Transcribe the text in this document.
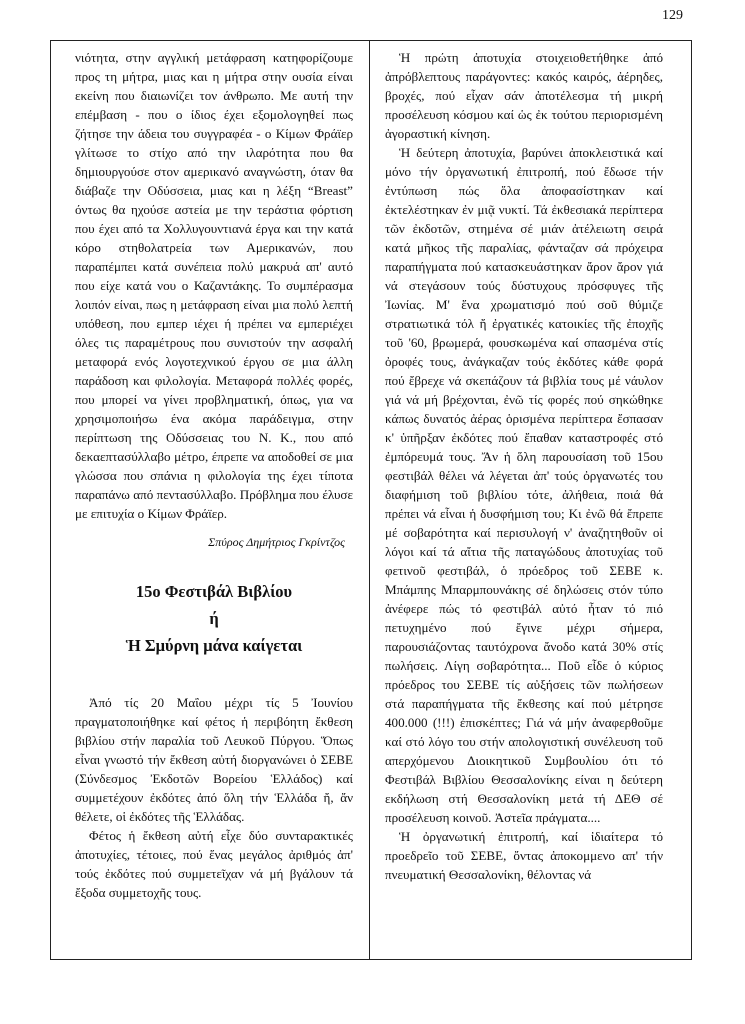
129

νιότητα, στην αγγλική μετάφραση κατηφορίζουμε προς τη μήτρα, μιας και η μήτρα στην ουσία είναι εκείνη που διαιωνίζει τον άνθρωπο. Με αυτή την επέμβαση - που ο ίδιος έχει εξομολογηθεί πως ζήτησε την άδεια του συγγραφέα - ο Κίμων Φράϊερ γλίτωσε το στίχο από την ιλαρότητα που θα δημιουργούσε στον αμερικανό αναγνώστη, όταν θα διάβαζε την Οδύσσεια, μιας και η λέξη “Breast” όντως θα ηχούσε αστεία με την τεράστια φόρτιση που έχει από τα Χολλυγουντιανά έργα και την κατά κόρο στηθολατρεία των Αμερικανών, που παραπέμπει κατά συνέπεια πολύ μακρυά απ' αυτό που είχε κατά νου ο Καζαντάκης. Το συμπέρασμα λοιπόν είναι, πως η μετάφραση είναι μια πολύ λεπτή υπόθεση, που εμπερ ιέχει ή πρέπει να εμπεριέχει όλες τις παραμέτρους που συνιστούν την ασφαλή μεταφορά ενός λογοτεχνικού έργου σε μια άλλη παράδοση και φιλολογία. Μεταφορά πολλές φορές, που μπορεί να γίνει προβληματική, όπως, για να χρησιμοποιήσω ένα ακόμα παράδειγμα, στην περίπτωση της Οδύσσειας του Ν. Κ., που από δεκαεπτασύλλαβο μέτρο, έπρεπε να αποδοθεί σε μια γλώσσα που σπάνια η φιλολογία της έχει τίποτα παραπάνω από πεντασύλλαβο. Πρόβλημα που έλυσε με επιτυχία ο Κίμων Φράϊερ.

Σπύρος Δημήτριος Γκρίντζος

15ο Φεστιβάλ Βιβλίου
ή
Ἡ Σμύρνη μάνα καίγεται

Ἀπό τίς 20 Μαΐου μέχρι τίς 5 Ἰουνίου πραγματοποιήθηκε καί φέτος ἡ περιβόητη ἔκθεση βιβλίου στήν παραλία τοῦ Λευκοῦ Πύργου. Ὅπως εἶναι γνωστό τήν ἔκθεση αὐτή διοργανώνει ὁ ΣΕΒΕ (Σύνδεσμος Ἐκδοτῶν Βορείου Ἑλλάδος) καί συμμετέχουν ἐκδότες ἀπό ὅλη τήν Ἑλλάδα ἤ, ἄν θέλετε, οἱ ἐκδότες τῆς Ἑλλάδας.

Φέτος ἡ ἔκθεση αὐτή εἶχε δύο συνταρακτικές ἀποτυχίες, τέτοιες, πού ἕνας μεγάλος ἀριθμός ἀπ' τούς ἐκδότες πού συμμετεῖχαν νά μή βγάλουν τά ἔξοδα συμμετοχῆς τους.

Ἡ πρώτη ἀποτυχία στοιχειοθετήθηκε ἀπό ἀπρόβλεπτους παράγοντες: κακός καιρός, ἀέρηδες, βροχές, πού εἶχαν σάν ἀποτέλεσμα τή μικρή προσέλευση κόσμου καί ὡς ἐκ τούτου περιορισμένη ἀγοραστική κίνηση.

Ἡ δεύτερη ἀποτυχία, βαρύνει ἀποκλειστικά καί μόνο τήν ὀργανωτική ἐπιτροπή, πού ἔδωσε τήν ἐντύπωση πώς ὅλα ἀποφασίστηκαν καί ἐκτελέστηκαν ἐν μιᾷ νυκτί. Τά ἐκθεσιακά περίπτερα τῶν ἐκδοτῶν, στημένα σέ μιάν ἀτέλειωτη σειρά κατά μῆκος τῆς παραλίας, φάνταζαν σά πρόχειρα παραπήγματα πού κατασκευάστηκαν ἄρον ἄρον γιά νά στεγάσουν τούς δύστυχους πρόσφυγες τῆς Ἰωνίας. Μ' ἕνα χρωματισμό πού σοῦ θύμιζε στρατιωτικά τόλ ἤ ἐργατικές κατοικίες τῆς ἐποχῆς τοῦ '60, βρωμερά, φουσκωμένα καί σπασμένα στίς ὀροφές τους, ἀνάγκαζαν τούς ἐκδότες κάθε φορά πού ἔβρεχε νά σκεπάζουν τά βιβλία τους μέ νάυλον γιά νά μή βρέχονται, ἐνῶ τίς φορές πού σηκώθηκε κάπως δυνατός ἀέρας ὁρισμένα περίπτερα ἔσπασαν κ' ὑπῆρξαν ἐκδότες πού ἔπαθαν καταστροφές στό ἐμπόρευμά τους. Ἄν ἡ ὅλη παρουσίαση τοῦ 15ου φεστιβάλ θέλει νά λέγεται ἀπ' τούς ὀργανωτές του διαφήμιση τοῦ βιβλίου τότε, ἀλήθεια, ποιά θά πρέπει νά εἶναι ἡ δυσφήμιση του; Κι ἐνῶ θά ἔπρεπε μέ σοβαρότητα καί περισυλογή ν' ἀναζητηθοῦν οἱ λόγοι καί τά αἴτια τῆς παταγώδους ἀποτυχίας τοῦ φετινοῦ φεστιβάλ, ὁ πρόεδρος τοῦ ΣΕΒΕ κ. Μπάμπης Μπαρμπουνάκης σέ δηλώσεις στόν τύπο ἀνέφερε πώς τό φεστιβάλ αὐτό ἦταν τό πιό πετυχημένο πού ἔγινε μέχρι σήμερα, παρουσιάζοντας ταυτόχρονα ἄνοδο κατά 30% στίς πωλήσεις. Λίγη σοβαρότητα... Ποῦ εἶδε ὁ κύριος πρόεδρος του ΣΕΒΕ τίς αὐξήσεις τῶν πωλήσεων στά παραπήγματα τῆς ἔκθεσης καί πού μέτρησε 400.000 (!!!) ἐπισκέπτες; Γιά νά μήν ἀναφερθοῦμε καί στό λόγο του στήν απολογιστική συνέλευση τοῦ απερχόμενου Διοικητικοῦ Συμβουλίου ότι τό Φεστιβάλ Βιβλίου Θεσσαλονίκης είναι η δεύτερη εκδήλωση στή Θεσσαλονίκη μετά τή ΔΕΘ σέ προσέλευση κοινοῦ. Ἀστεῖα πράγματα....

Ἡ ὀργανωτική ἐπιτροπή, καί ἰδιαίτερα τό προεδρεῖο τοῦ ΣΕΒΕ, ὄντας ἀποκομμενο απ' τήν πνευματική Θεσσαλονίκη, θέλοντας νά
